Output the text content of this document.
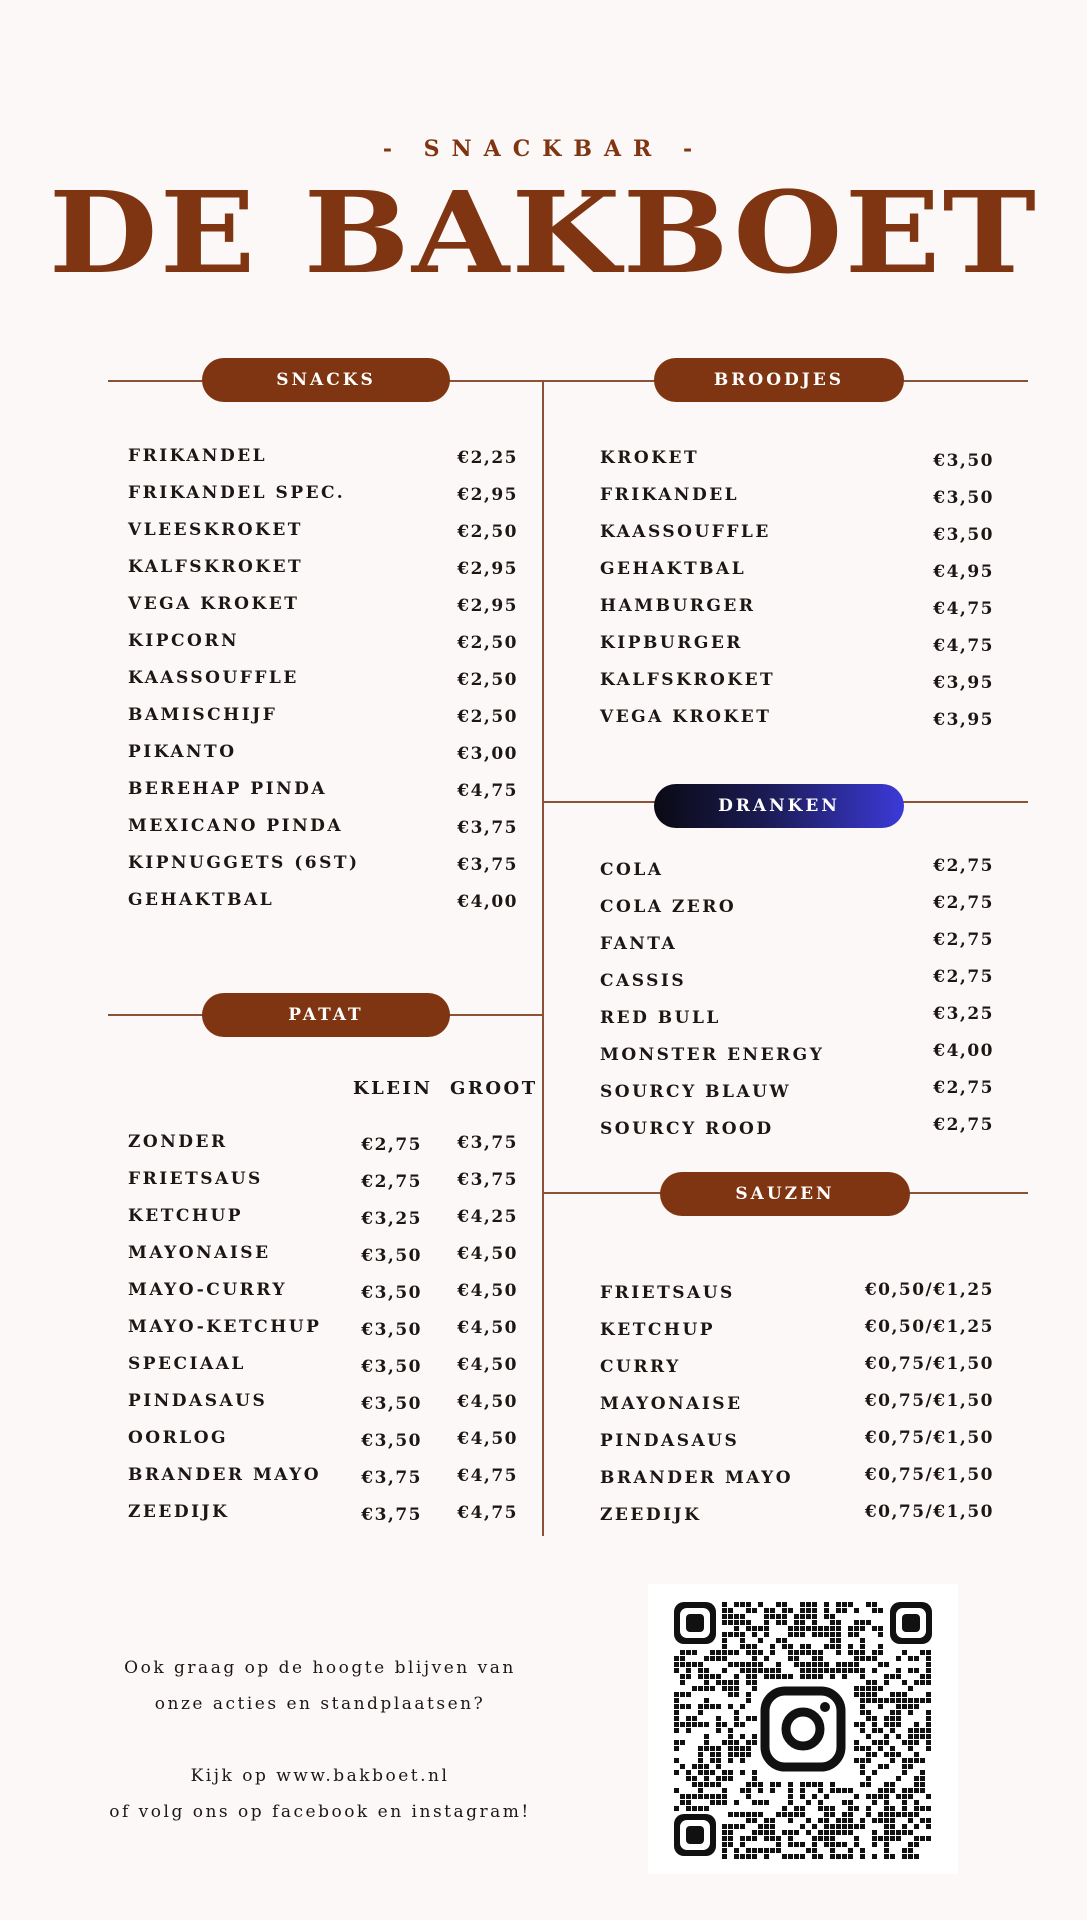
- SNACKBAR -
DE BAKBOET
SNACKS	BROODJES
DRANKEN
PATAT
SAUZEN
FRIKANDEL	€2,25
FRIKANDEL SPEC.	€2,95
VLEESKROKET	€2,50
KALFSKROKET	€2,95
VEGA KROKET	€2,95
KIPCORN	€2,50
KAASSOUFFLE	€2,50
BAMISCHIJF	€2,50
PIKANTO	€3,00
BEREHAP PINDA	€4,75
MEXICANO PINDA	€3,75
KIPNUGGETS (6ST)	€3,75
GEHAKTBAL	€4,00
KROKET	€3,50
FRIKANDEL	€3,50
KAASSOUFFLE	€3,50
GEHAKTBAL	€4,95
HAMBURGER	€4,75
KIPBURGER	€4,75
KALFSKROKET	€3,95
VEGA KROKET	€3,95
COLA	€2,75
COLA ZERO	€2,75
FANTA	€2,75
CASSIS	€2,75
RED BULL	€3,25
MONSTER ENERGY	€4,00
SOURCY BLAUW	€2,75
SOURCY ROOD	€2,75
KLEIN GROOT
ZONDER	€2,75	€3,75
FRIETSAUS	€2,75	€3,75
KETCHUP	€3,25	€4,25
MAYONAISE	€3,50	€4,50
MAYO-CURRY	€3,50	€4,50
MAYO-KETCHUP	€3,50	€4,50
SPECIAAL	€3,50	€4,50
PINDASAUS	€3,50	€4,50
OORLOG	€3,50	€4,50
BRANDER MAYO	€3,75	€4,75
ZEEDIJK	€3,75	€4,75
FRIETSAUS	€0,50/€1,25
KETCHUP	€0,50/€1,25
CURRY	€0,75/€1,50
MAYONAISE	€0,75/€1,50
PINDASAUS	€0,75/€1,50
BRANDER MAYO	€0,75/€1,50
ZEEDIJK	€0,75/€1,50
Ook graag op de hoogte blijven van
onze acties en standplaatsen?
Kijk op www.bakboet.nl
of volg ons op facebook en instagram!
